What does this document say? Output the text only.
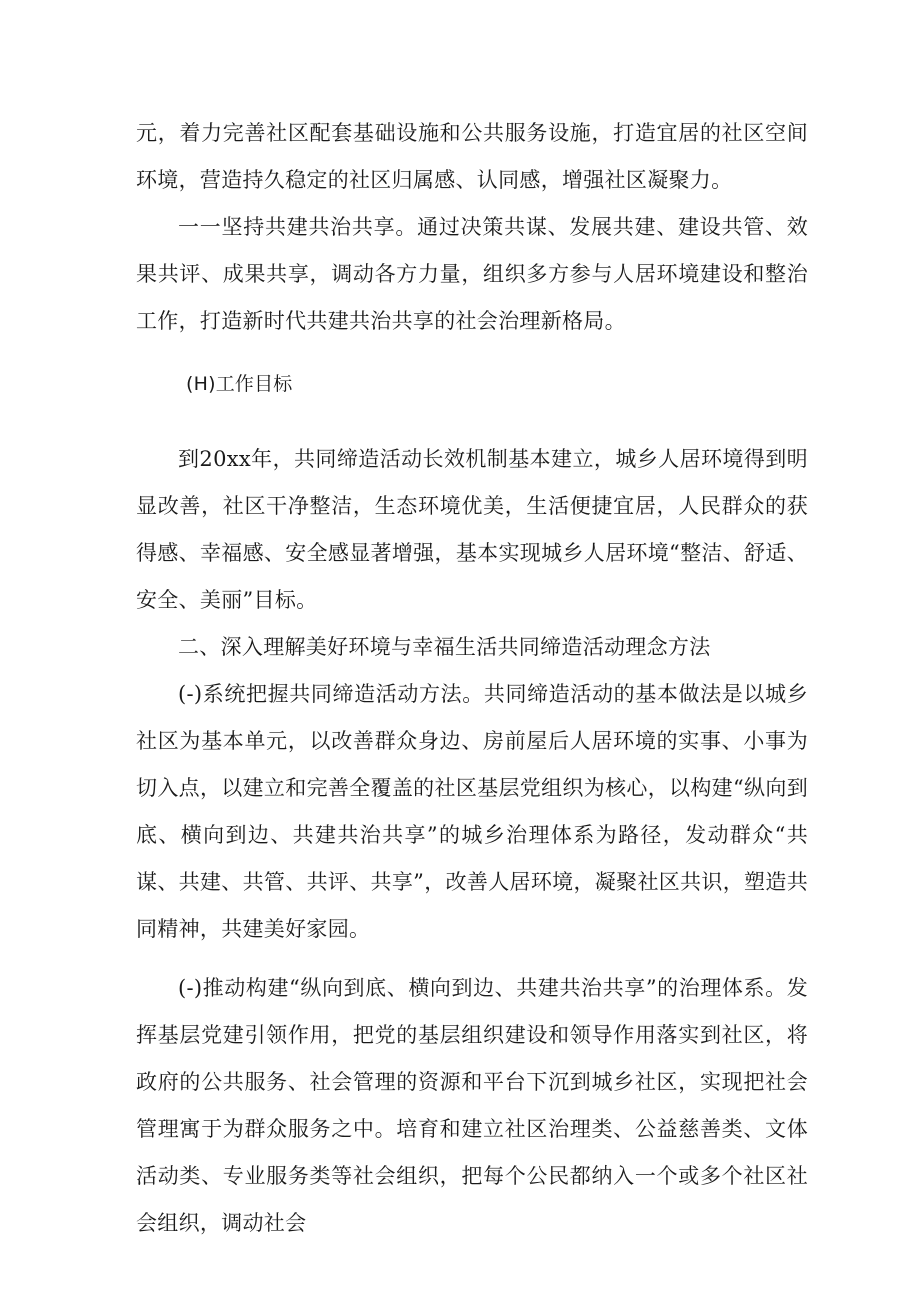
元，着力完善社区配套基础设施和公共服务设施，打造宜居的社区空间环境，营造持久稳定的社区归属感、认同感，增强社区凝聚力。

一一坚持共建共治共享。通过决策共谋、发展共建、建设共管、效果共评、成果共享，调动各方力量，组织多方参与人居环境建设和整治工作，打造新时代共建共治共享的社会治理新格局。

(H)工作目标

到20xx年，共同缔造活动长效机制基本建立，城乡人居环境得到明显改善，社区干净整洁，生态环境优美，生活便捷宜居，人民群众的获得感、幸福感、安全感显著增强，基本实现城乡人居环境“整洁、舒适、安全、美丽”目标。

二、深入理解美好环境与幸福生活共同缔造活动理念方法

(-)系统把握共同缔造活动方法。共同缔造活动的基本做法是以城乡社区为基本单元，以改善群众身边、房前屋后人居环境的实事、小事为切入点，以建立和完善全覆盖的社区基层党组织为核心，以构建“纵向到底、横向到边、共建共治共享”的城乡治理体系为路径，发动群众“共谋、共建、共管、共评、共享”，改善人居环境，凝聚社区共识，塑造共同精神，共建美好家园。

(-)推动构建“纵向到底、横向到边、共建共治共享”的治理体系。发挥基层党建引领作用，把党的基层组织建设和领导作用落实到社区，将政府的公共服务、社会管理的资源和平台下沉到城乡社区，实现把社会管理寓于为群众服务之中。培育和建立社区治理类、公益慈善类、文体活动类、专业服务类等社会组织，把每个公民都纳入一个或多个社区社会组织，调动社会
